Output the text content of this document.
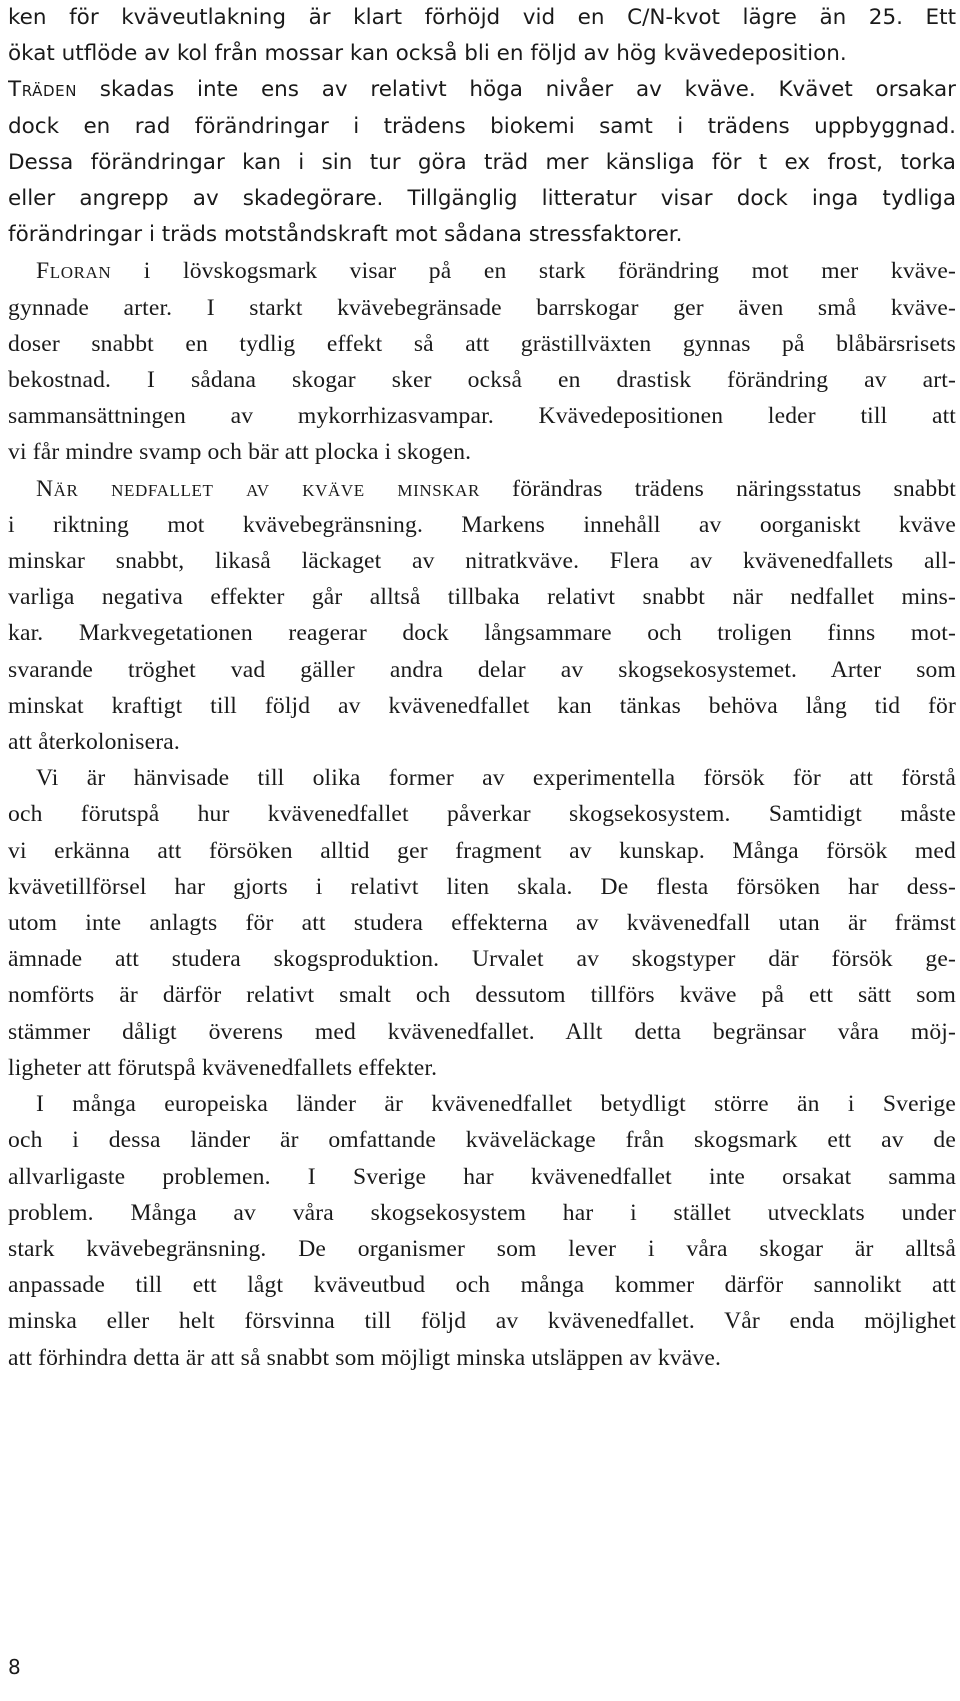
ken för kväveutlakning är klart förhöjd vid en C/N-kvot lägre än 25. Ett
ökat utflöde av kol från mossar kan också bli en följd av hög kvävedeposition.
Träden skadas inte ens av relativt höga nivåer av kväve. Kvävet orsakar
dock en rad förändringar i trädens biokemi samt i trädens uppbyggnad.
Dessa förändringar kan i sin tur göra träd mer känsliga för t ex frost, torka
eller angrepp av skadegörare. Tillgänglig litteratur visar dock inga tydliga
förändringar i träds motståndskraft mot sådana stressfaktorer.
Floran i lövskogsmark visar på en stark förändring mot mer kväve-
gynnade arter. I starkt kvävebegränsade barrskogar ger även små kväve-
doser snabbt en tydlig effekt så att grästillväxten gynnas på blåbärsrisets
bekostnad. I sådana skogar sker också en drastisk förändring av art-
sammansättningen av mykorrhizasvampar. Kvävedepositionen leder till att
vi får mindre svamp och bär att plocka i skogen.
När nedfallet av kväve minskar förändras trädens näringsstatus snabbt
i riktning mot kvävebegränsning. Markens innehåll av oorganiskt kväve
minskar snabbt, likaså läckaget av nitratkväve. Flera av kvävenedfallets all-
varliga negativa effekter går alltså tillbaka relativt snabbt när nedfallet mins-
kar. Markvegetationen reagerar dock långsammare och troligen finns mot-
svarande tröghet vad gäller andra delar av skogsekosystemet. Arter som
minskat kraftigt till följd av kvävenedfallet kan tänkas behöva lång tid för
att återkolonisera.
Vi är hänvisade till olika former av experimentella försök för att förstå
och förutspå hur kvävenedfallet påverkar skogsekosystem. Samtidigt måste
vi erkänna att försöken alltid ger fragment av kunskap. Många försök med
kvävetillförsel har gjorts i relativt liten skala. De flesta försöken har dess-
utom inte anlagts för att studera effekterna av kvävenedfall utan är främst
ämnade att studera skogsproduktion. Urvalet av skogstyper där försök ge-
nomförts är därför relativt smalt och dessutom tillförs kväve på ett sätt som
stämmer dåligt överens med kvävenedfallet. Allt detta begränsar våra möj-
ligheter att förutspå kvävenedfallets effekter.
I många europeiska länder är kvävenedfallet betydligt större än i Sverige
och i dessa länder är omfattande kväveläckage från skogsmark ett av de
allvarligaste problemen. I Sverige har kvävenedfallet inte orsakat samma
problem. Många av våra skogsekosystem har i stället utvecklats under
stark kvävebegränsning. De organismer som lever i våra skogar är alltså
anpassade till ett lågt kväveutbud och många kommer därför sannolikt att
minska eller helt försvinna till följd av kvävenedfallet. Vår enda möjlighet
att förhindra detta är att så snabbt som möjligt minska utsläppen av kväve.
8
